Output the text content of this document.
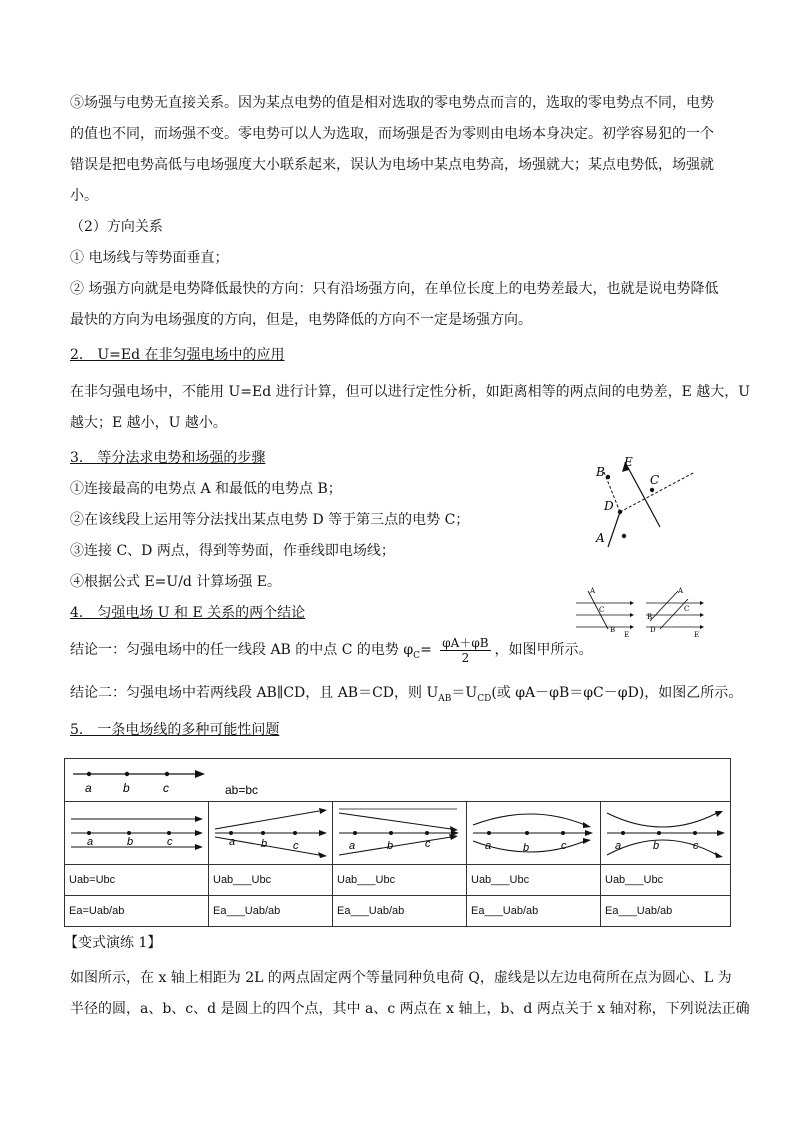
⑤场强与电势无直接关系。因为某点电势的值是相对选取的零电势点而言的，选取的零电势点不同，电势

的值也不同，而场强不变。零电势可以人为选取，而场强是否为零则由电场本身决定。初学容易犯的一个

错误是把电势高低与电场强度大小联系起来，误认为电场中某点电势高，场强就大；某点电势低，场强就

小。

（2）方向关系

① 电场线与等势面垂直；

② 场强方向就是电势降低最快的方向：只有沿场强方向，在单位长度上的电势差最大，也就是说电势降低

最快的方向为电场强度的方向，但是，电势降低的方向不一定是场强方向。

2． U=Ed 在非匀强电场中的应用

在非匀强电场中，不能用 U=Ed 进行计算，但可以进行定性分析，如距离相等的两点间的电势差，E 越大，U

越大；E 越小，U 越小。

3． 等分法求电势和场强的步骤

①连接最高的电势点 A 和最低的电势点 B；

②在该线段上运用等分法找出某点电势 D 等于第三点的电势 C；

③连接 C、D 两点，得到等势面，作垂线即电场线；

④根据公式 E=U/d 计算场强 E。

4． 匀强电场 U 和 E 关系的两个结论

结论一：匀强电场中的任一线段 AB 的中点 C 的电势 $\varphi_C= \frac{\varphi A+\varphi B}{2}$ ，如图甲所示。

结论二：匀强电场中若两线段 AB∥CD，且 AB＝CD，则 $U_{AB}=U_{CD}$(或 φA－φB＝φC－φD)，如图乙所示。

5． 一条电场线的多种可能性问题

B
E
C
D
A
A
C
B
E
A
B
C
D
E
a b c ab=bc				

a b c	a b c	a b c	a b c	a b c

Uab=Ubc	Uab___Ubc	Uab___Ubc	Uab___Ubc	Uab___Ubc
Ea=Uab/ab	Ea___Uab/ab	Ea___Uab/ab	Ea___Uab/ab	Ea___Uab/ab

【变式演练 1】

如图所示，在 x 轴上相距为 2L 的两点固定两个等量同种负电荷 Q，虚线是以左边电荷所在点为圆心、L 为

半径的圆，a、b、c、d 是圆上的四个点，其中 a、c 两点在 x 轴上，b、d 两点关于 x 轴对称，下列说法正确
